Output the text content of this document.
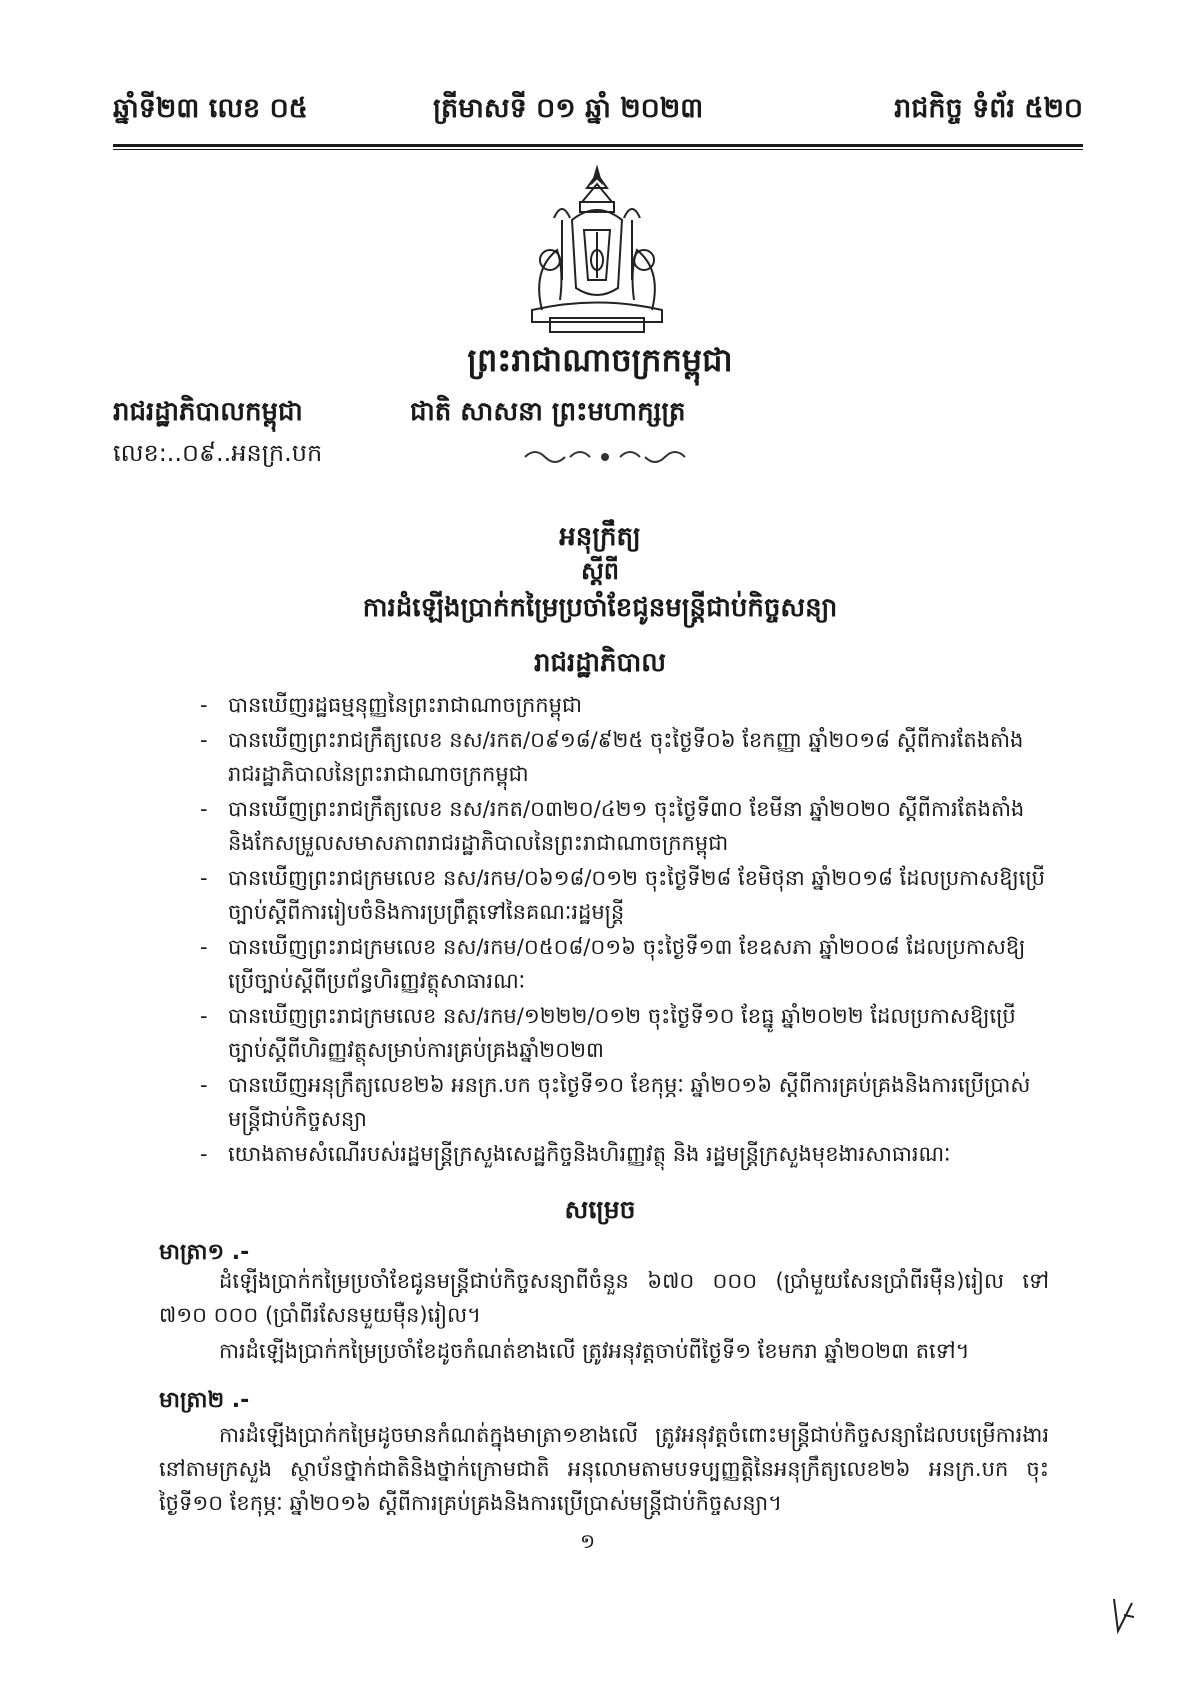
ឆ្នាំទី២៣ លេខ ០៥	ត្រីមាសទី ០១ ឆ្នាំ ២០២៣	រាជកិច្ច ទំព័រ ៥២០
ព្រះរាជាណាចក្រកម្ពុជា
រាជរដ្ឋាភិបាលកម្ពុជា	ជាតិ សាសនា ព្រះមហាក្សត្រ
លេខ:..០៩..អនក្រ.បក
អនុក្រឹត្យ
ស្តីពី
ការដំឡើងប្រាក់កម្រៃប្រចាំខែជូនមន្ត្រីជាប់កិច្ចសន្យា
រាជរដ្ឋាភិបាល
- បានឃើញរដ្ឋធម្មនុញ្ញនៃព្រះរាជាណាចក្រកម្ពុជា
- បានឃើញព្រះរាជក្រឹត្យលេខ នស/រកត/០៩១៨/៩២៥ ចុះថ្ងៃទី០៦ ខែកញ្ញា ឆ្នាំ២០១៨ ស្តីពីការតែងតាំងរាជរដ្ឋាភិបាលនៃព្រះរាជាណាចក្រកម្ពុជា
- បានឃើញព្រះរាជក្រឹត្យលេខ នស/រកត/០៣២០/៤២១ ចុះថ្ងៃទី៣០ ខែមីនា ឆ្នាំ២០២០ ស្តីពីការតែងតាំងនិងកែសម្រួលសមាសភាពរាជរដ្ឋាភិបាលនៃព្រះរាជាណាចក្រកម្ពុជា
- បានឃើញព្រះរាជក្រមលេខ នស/រកម/០៦១៨/០១២ ចុះថ្ងៃទី២៨ ខែមិថុនា ឆ្នាំ២០១៨ ដែលប្រកាសឱ្យប្រើច្បាប់ស្តីពីការរៀបចំនិងការប្រព្រឹត្តទៅនៃគណៈរដ្ឋមន្ត្រី
- បានឃើញព្រះរាជក្រមលេខ នស/រកម/០៥០៨/០១៦ ចុះថ្ងៃទី១៣ ខែឧសភា ឆ្នាំ២០០៨ ដែលប្រកាសឱ្យប្រើច្បាប់ស្តីពីប្រព័ន្ធហិរញ្ញវត្ថុសាធារណៈ
- បានឃើញព្រះរាជក្រមលេខ នស/រកម/១២២២/០១២ ចុះថ្ងៃទី១០ ខែធ្នូ ឆ្នាំ២០២២ ដែលប្រកាសឱ្យប្រើច្បាប់ស្តីពីហិរញ្ញវត្ថុសម្រាប់ការគ្រប់គ្រងឆ្នាំ២០២៣
- បានឃើញអនុក្រឹត្យលេខ២៦ អនក្រ.បក ចុះថ្ងៃទី១០ ខែកុម្ភៈ ឆ្នាំ២០១៦ ស្តីពីការគ្រប់គ្រងនិងការប្រើប្រាស់មន្ត្រីជាប់កិច្ចសន្យា
- យោងតាមសំណើរបស់រដ្ឋមន្ត្រីក្រសួងសេដ្ឋកិច្ចនិងហិរញ្ញវត្ថុ និង រដ្ឋមន្ត្រីក្រសួងមុខងារសាធារណៈ
សម្រេច
មាត្រា១ .-
ដំឡើងប្រាក់កម្រៃប្រចាំខែជូនមន្ត្រីជាប់កិច្ចសន្យាពីចំនួន ៦៧០ ០០០ (ប្រាំមួយសែនប្រាំពីរម៉ឺន)រៀល ទៅ ៧១០ ០០០ (ប្រាំពីរសែនមួយម៉ឺន)រៀល។
ការដំឡើងប្រាក់កម្រៃប្រចាំខែដូចកំណត់ខាងលើ ត្រូវអនុវត្តចាប់ពីថ្ងៃទី១ ខែមករា ឆ្នាំ២០២៣ តទៅ។
មាត្រា២ .-
ការដំឡើងប្រាក់កម្រៃដូចមានកំណត់ក្នុងមាត្រា១ខាងលើ ត្រូវអនុវត្តចំពោះមន្ត្រីជាប់កិច្ចសន្យាដែលបម្រើការងារនៅតាមក្រសួង ស្ថាប័នថ្នាក់ជាតិនិងថ្នាក់ក្រោមជាតិ អនុលោមតាមបទប្បញ្ញត្តិនៃអនុក្រឹត្យលេខ២៦ អនក្រ.បក ចុះថ្ងៃទី១០ ខែកុម្ភៈ ឆ្នាំ២០១៦ ស្តីពីការគ្រប់គ្រងនិងការប្រើប្រាស់មន្ត្រីជាប់កិច្ចសន្យា។
១
